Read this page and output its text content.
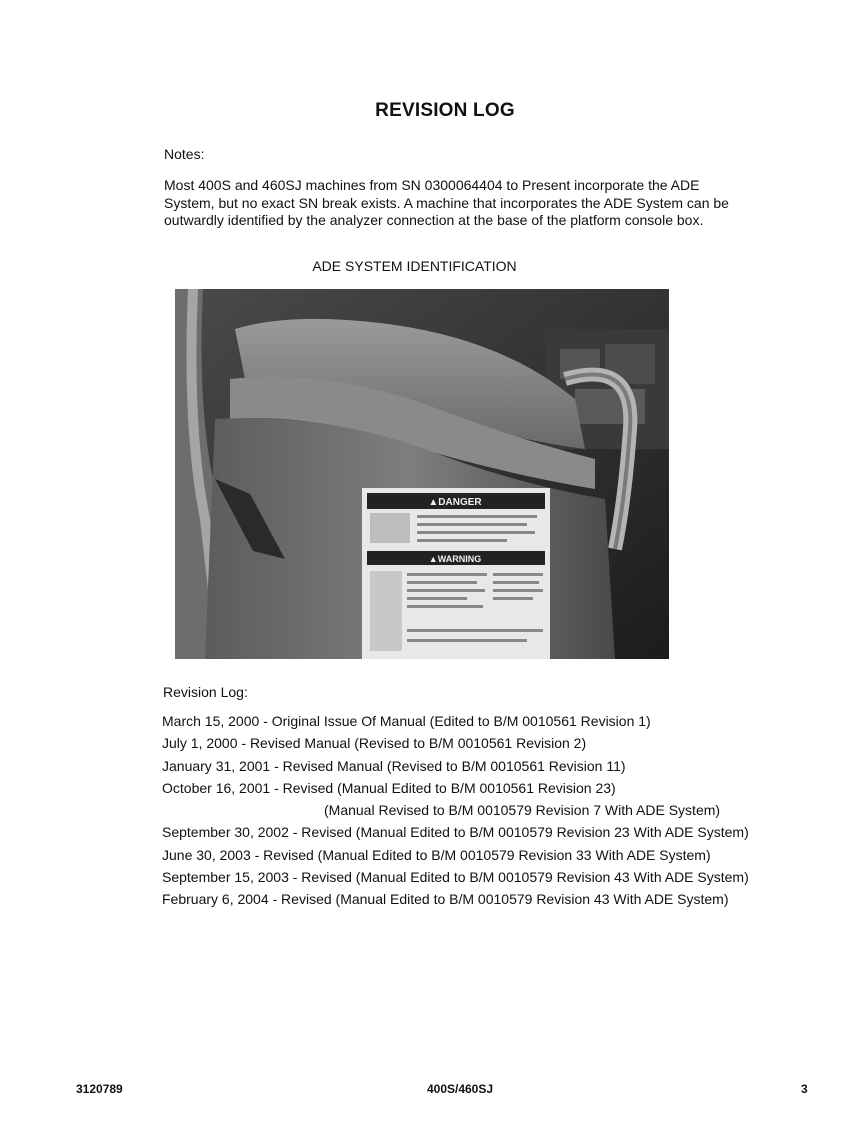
REVISION LOG
Notes:
Most 400S and 460SJ machines from SN 0300064404 to Present incorporate the ADE System, but no exact SN break exists. A machine that incorporates the ADE System can be outwardly identified by the analyzer connection at the base of the platform console box.
ADE SYSTEM IDENTIFICATION
▲DANGER
▲WARNING
Revision Log:
March 15, 2000 - Original Issue Of Manual (Edited to B/M 0010561 Revision 1)
July 1, 2000 - Revised Manual (Revised to B/M 0010561 Revision 2)
January 31, 2001 - Revised Manual (Revised to B/M 0010561 Revision 11)
October 16, 2001 - Revised (Manual Edited to B/M 0010561 Revision 23)
(Manual Revised to B/M 0010579 Revision 7 With ADE System)
September 30, 2002 - Revised (Manual Edited to B/M 0010579 Revision 23 With ADE System)
June 30, 2003 - Revised (Manual Edited to B/M 0010579 Revision 33 With ADE System)
September 15, 2003 - Revised (Manual Edited to B/M 0010579 Revision 43 With ADE System)
February 6, 2004 - Revised (Manual Edited to B/M 0010579 Revision 43 With ADE System)
3120789	400S/460SJ	3
